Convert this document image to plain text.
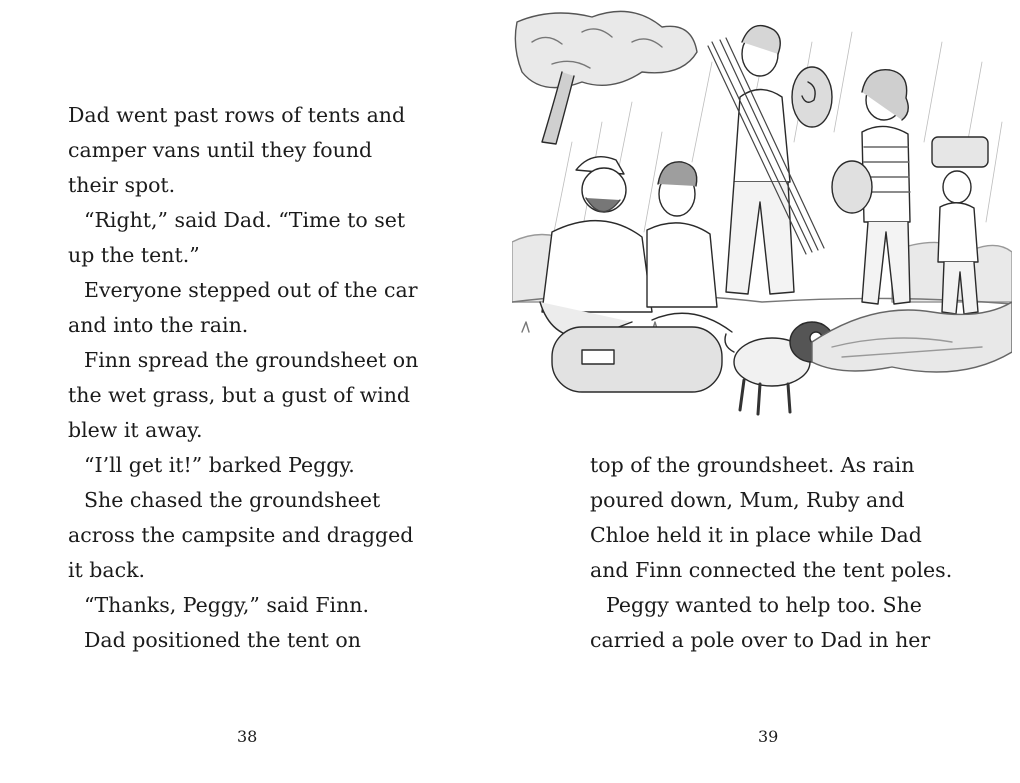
Dad went past rows of tents and
camper vans until they found
their spot.

“Right,” said Dad. “Time to set
up the tent.”

Everyone stepped out of the car
and into the rain.

Finn spread the groundsheet on
the wet grass, but a gust of wind
blew it away.

“I’ll get it!” barked Peggy.

She chased the groundsheet
across the campsite and dragged
it back.

“Thanks, Peggy,” said Finn.

Dad positioned the tent on

38

top of the groundsheet. As rain
poured down, Mum, Ruby and
Chloe held it in place while Dad
and Finn connected the tent poles.

Peggy wanted to help too. She
carried a pole over to Dad in her

39
